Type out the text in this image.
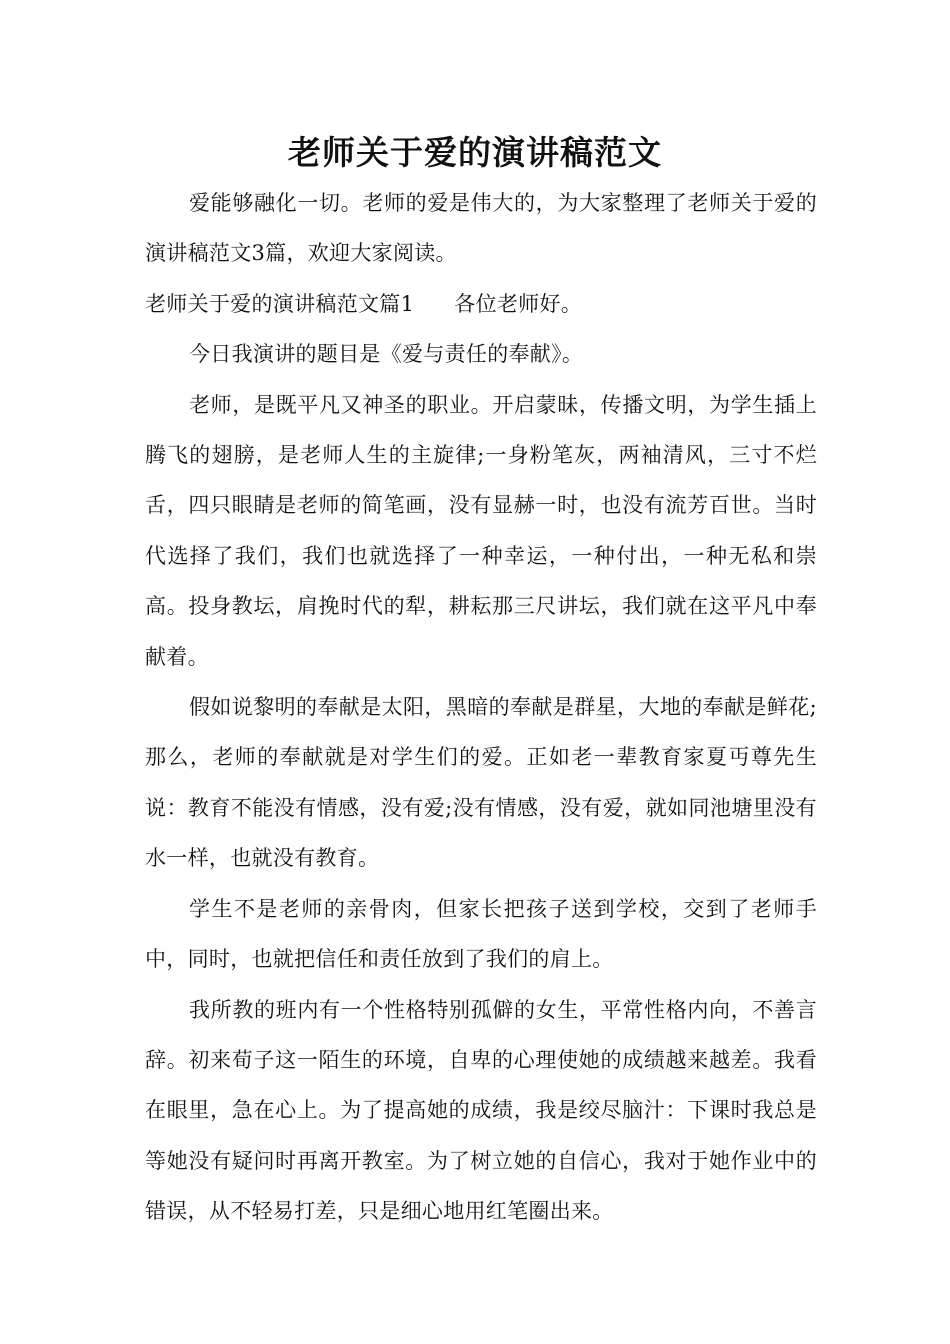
老师关于爱的演讲稿范文

爱能够融化一切。老师的爱是伟大的，为大家整理了老师关于爱的演讲稿范文3篇，欢迎大家阅读。

老师关于爱的演讲稿范文篇1 各位老师好。

今日我演讲的题目是《爱与责任的奉献》。

老师，是既平凡又神圣的职业。开启蒙昧，传播文明，为学生插上腾飞的翅膀，是老师人生的主旋律;一身粉笔灰，两袖清风，三寸不烂舌，四只眼睛是老师的简笔画，没有显赫一时，也没有流芳百世。当时代选择了我们，我们也就选择了一种幸运，一种付出，一种无私和崇高。投身教坛，肩挽时代的犁，耕耘那三尺讲坛，我们就在这平凡中奉献着。

假如说黎明的奉献是太阳，黑暗的奉献是群星，大地的奉献是鲜花;那么，老师的奉献就是对学生们的爱。正如老一辈教育家夏丏尊先生说：教育不能没有情感，没有爱;没有情感，没有爱，就如同池塘里没有水一样，也就没有教育。

学生不是老师的亲骨肉，但家长把孩子送到学校，交到了老师手中，同时，也就把信任和责任放到了我们的肩上。

我所教的班内有一个性格特别孤僻的女生，平常性格内向，不善言辞。初来荀子这一陌生的环境，自卑的心理使她的成绩越来越差。我看在眼里，急在心上。为了提高她的成绩，我是绞尽脑汁：下课时我总是等她没有疑问时再离开教室。为了树立她的自信心，我对于她作业中的错误，从不轻易打差，只是细心地用红笔圈出来。
